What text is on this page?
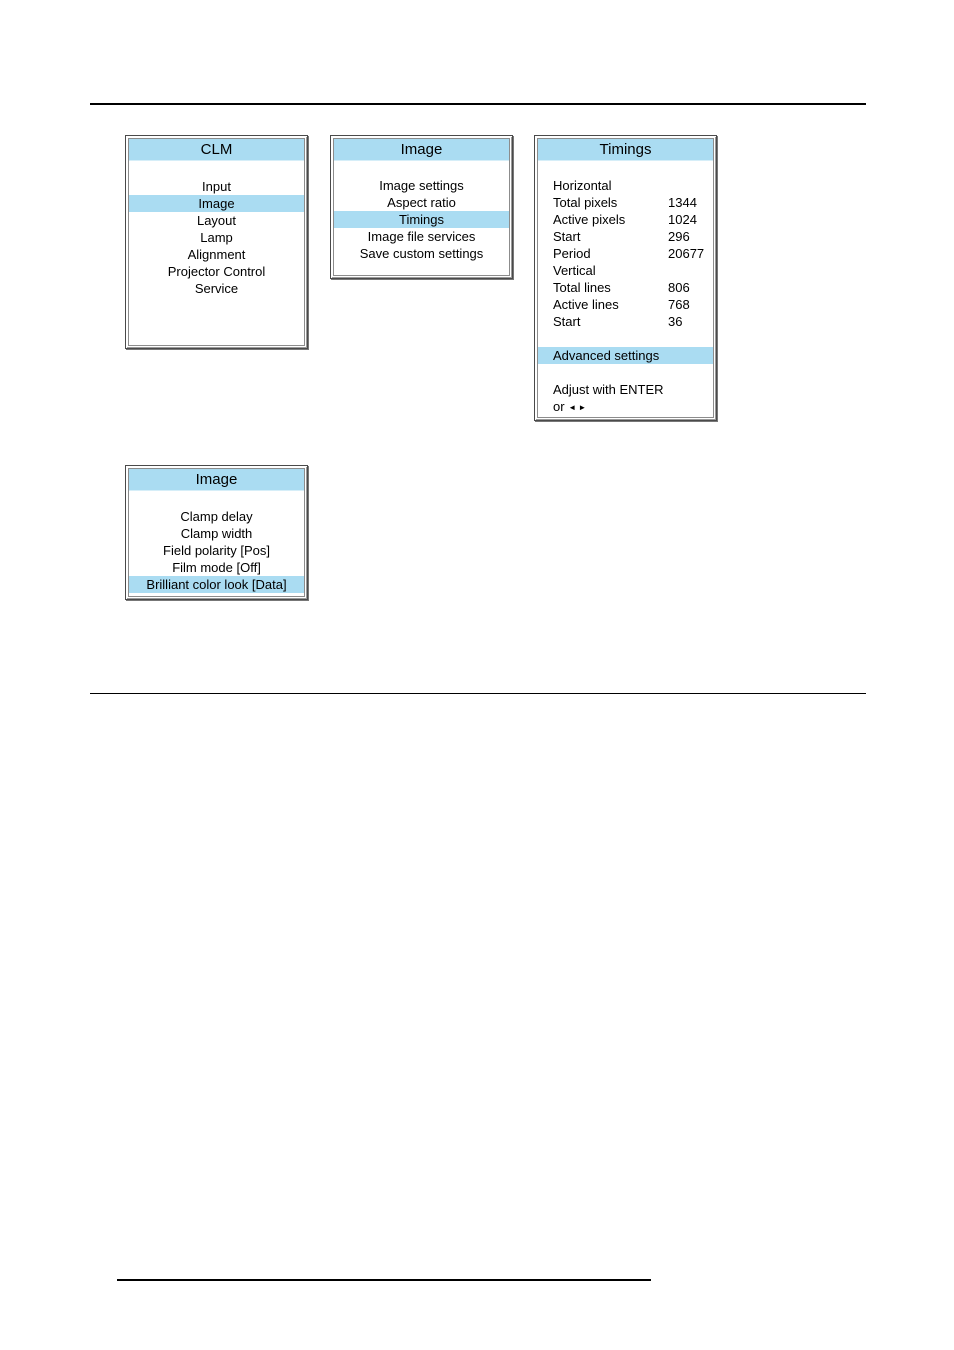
CLM
Input
Image
Layout
Lamp
Alignment
Projector Control
Service
Image
Image settings
Aspect ratio
Timings
Image file services
Save custom settings
Timings
Horizontal
Total pixels	1344
Active pixels	1024
Start	296
Period	20677
Vertical
Total lines	806
Active lines	768
Start	36
Advanced settings
Adjust with ENTER
or ◄ ►
Image
Clamp delay
Clamp width
Field polarity [Pos]
Film mode [Off]
Brilliant color look [Data]
